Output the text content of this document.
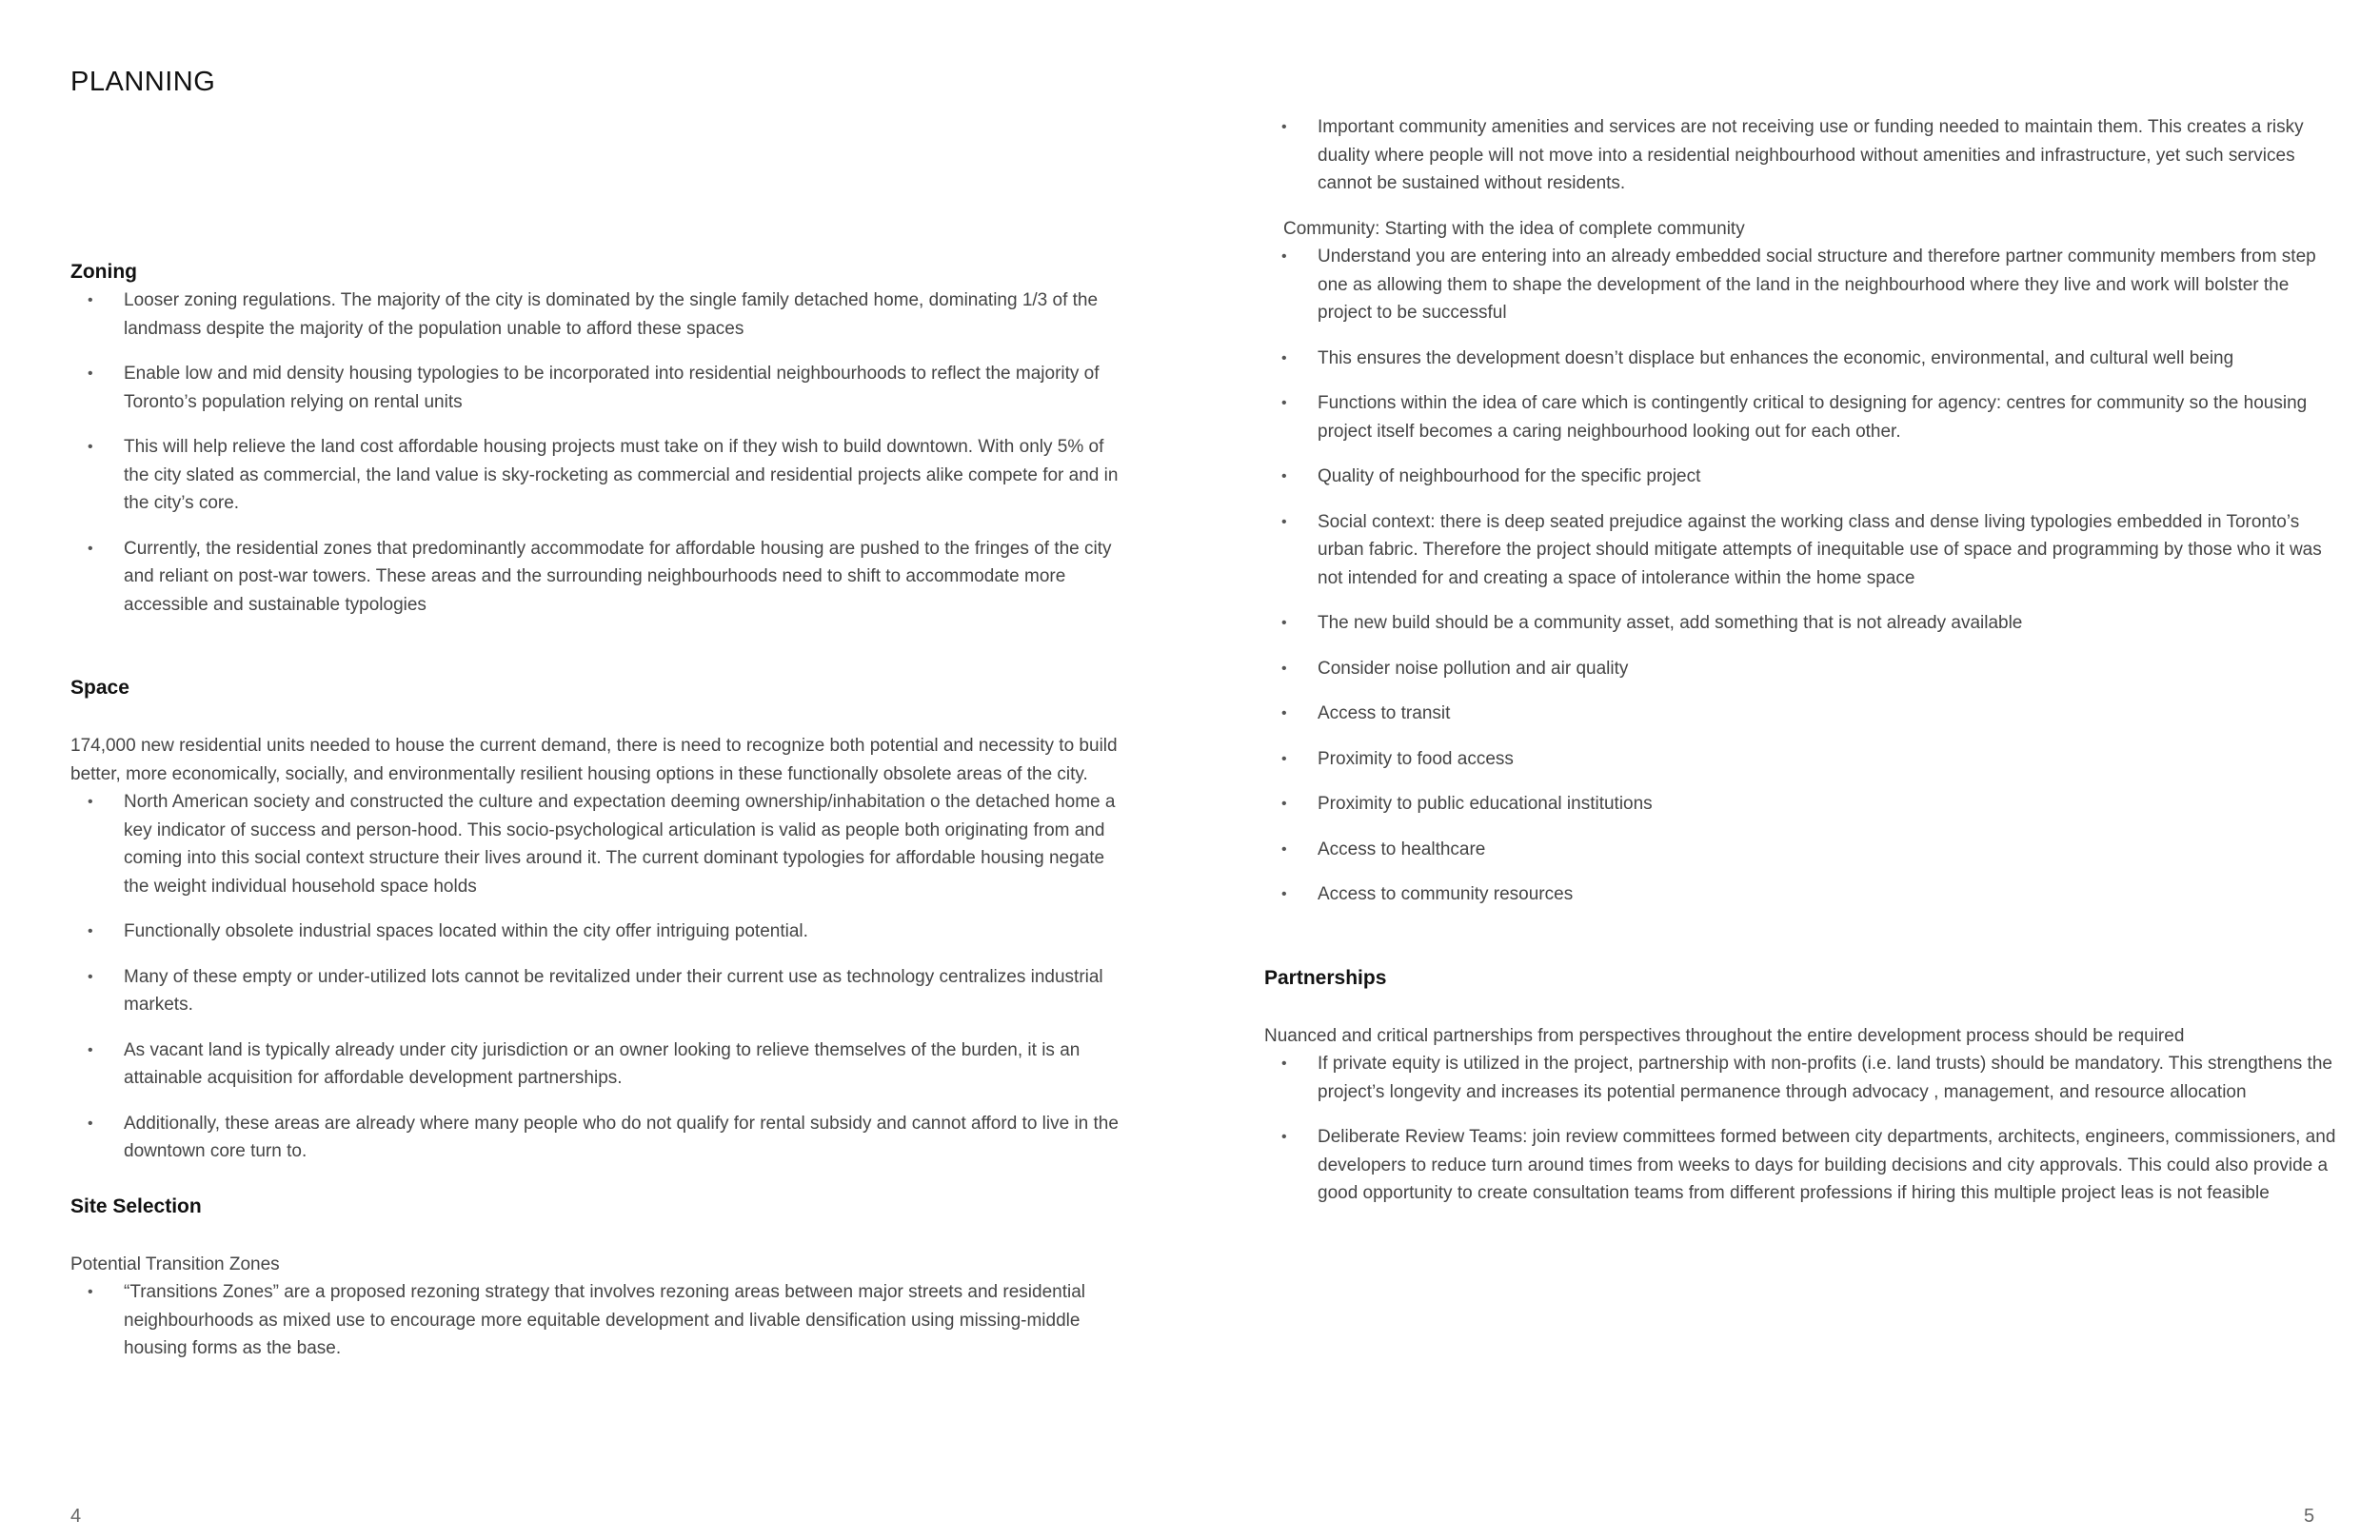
PLANNING
Zoning
• Looser zoning regulations. The majority of the city is dominated by the single family detached home, dominating 1/3 of the landmass despite the majority of the population unable to afford these spaces
• Enable low and mid density housing typologies to be incorporated into residential neighbourhoods to reflect the majority of Toronto’s population relying on rental units
• This will help relieve the land cost affordable housing projects must take on if they wish to build downtown. With only 5% of the city slated as commercial, the land value is sky-rocketing as commercial and residential projects alike compete for and in the city’s core.
• Currently, the residential zones that predominantly accommodate for affordable housing are pushed to the fringes of the city and reliant on post-war towers. These areas and the surrounding neighbourhoods need to shift to accommodate more accessible and sustainable typologies
Space

174,000 new residential units needed to house the current demand, there is need to recognize both potential and necessity to build better, more economically, socially, and environmentally resilient housing options in these functionally obsolete areas of the city.

• North American society and constructed the culture and expectation deeming ownership/inhabitation o the detached home a key indicator of success and person-hood. This socio-psychological articulation is valid as people both originating from and coming into this social context structure their lives around it. The current dominant typologies for affordable housing negate the weight individual household space holds
• Functionally obsolete industrial spaces located within the city offer intriguing potential.
• Many of these empty or under-utilized lots cannot be revitalized under their current use as technology centralizes industrial markets.
• As vacant land is typically already under city jurisdiction or an owner looking to relieve themselves of the burden, it is an attainable acquisition for affordable development partnerships.
• Additionally, these areas are already where many people who do not qualify for rental subsidy and cannot afford to live in the downtown core turn to.
Site Selection

Potential Transition Zones

• “Transitions Zones” are a proposed rezoning strategy that involves rezoning areas between major streets and residential neighbourhoods as mixed use to encourage more equitable development and livable densification using missing-middle housing forms as the base.
• Important community amenities and services are not receiving use or funding needed to maintain them. This creates a risky duality where people will not move into a residential neighbourhood without amenities and infrastructure, yet such services cannot be sustained without residents.

Community: Starting with the idea of complete community

• Understand you are entering into an already embedded social structure and therefore partner community members from step one as allowing them to shape the development of the land in the neighbourhood where they live and work will bolster the project to be successful
• This ensures the development doesn’t displace but enhances the economic, environmental, and cultural well being
• Functions within the idea of care which is contingently critical to designing for agency: centres for community so the housing project itself becomes a caring neighbourhood looking out for each other.
• Quality of neighbourhood for the specific project
• Social context: there is deep seated prejudice against the working class and dense living typologies embedded in Toronto’s urban fabric. Therefore the project should mitigate attempts of inequitable use of space and programming by those who it was not intended for and creating a space of intolerance within the home space
• The new build should be a community asset, add something that is not already available
• Consider noise pollution and air quality
• Access to transit
• Proximity to food access
• Proximity to public educational institutions
• Access to healthcare
• Access to community resources
Partnerships

Nuanced and critical partnerships from perspectives throughout the entire development process should be required

• If private equity is utilized in the project, partnership with non-profits (i.e. land trusts) should be mandatory. This strengthens the project’s longevity and increases its potential permanence through advocacy , management, and resource allocation
• Deliberate Review Teams: join review committees formed between city departments, architects, engineers, commissioners, and developers to reduce turn around times from weeks to days for building decisions and city approvals. This could also provide a good opportunity to create consultation teams from different professions if hiring this multiple project leas is not feasible
4	5
